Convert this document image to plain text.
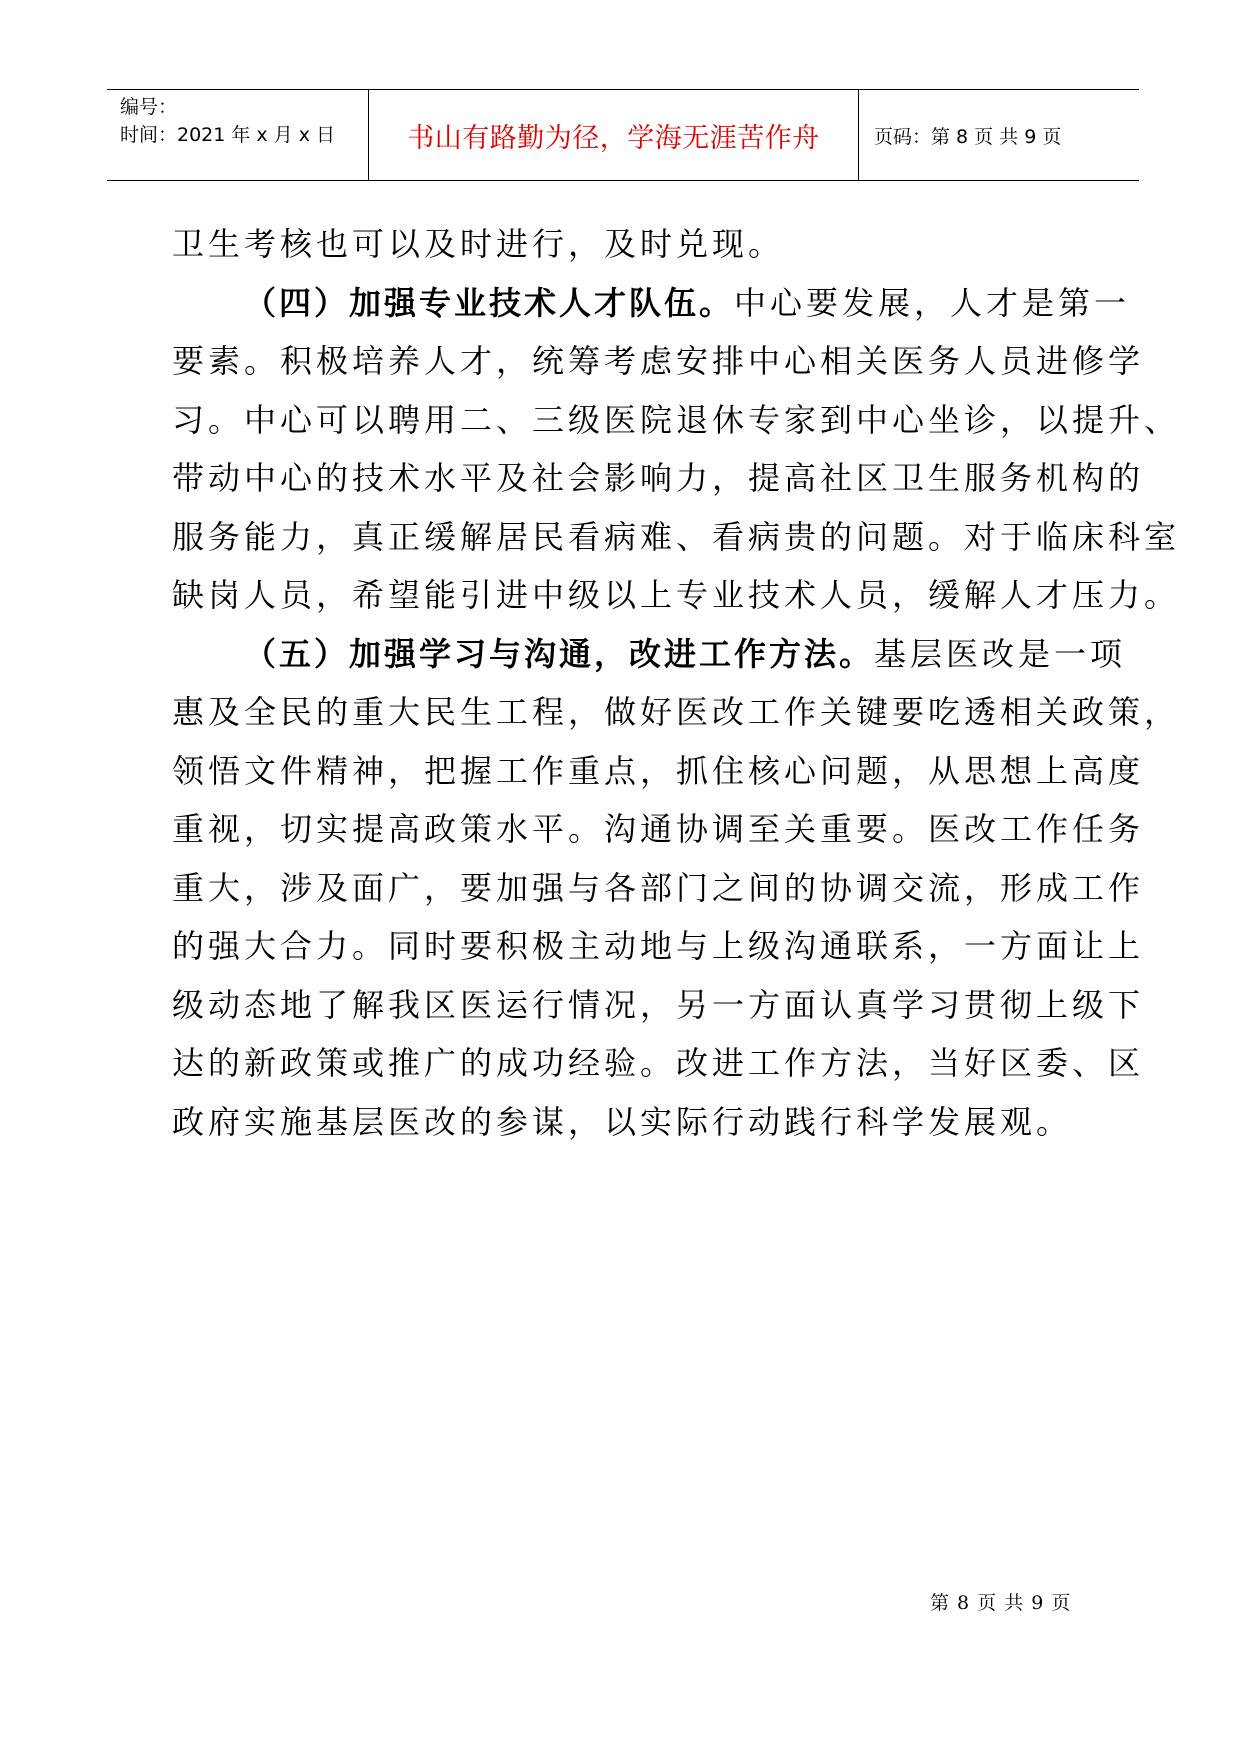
编号：
时间：2021 年 x 月 x 日	书山有路勤为径，学海无涯苦作舟	页码：第 8 页 共 9 页
卫生考核也可以及时进行，及时兑现。
（四）加强专业技术人才队伍。中心要发展，人才是第一
要素。积极培养人才，统筹考虑安排中心相关医务人员进修学
习。中心可以聘用二、三级医院退休专家到中心坐诊，以提升、
带动中心的技术水平及社会影响力，提高社区卫生服务机构的
服务能力，真正缓解居民看病难、看病贵的问题。对于临床科室
缺岗人员，希望能引进中级以上专业技术人员，缓解人才压力。
（五）加强学习与沟通，改进工作方法。基层医改是一项
惠及全民的重大民生工程，做好医改工作关键要吃透相关政策，
领悟文件精神，把握工作重点，抓住核心问题，从思想上高度
重视，切实提高政策水平。沟通协调至关重要。医改工作任务
重大，涉及面广，要加强与各部门之间的协调交流，形成工作
的强大合力。同时要积极主动地与上级沟通联系，一方面让上
级动态地了解我区医运行情况，另一方面认真学习贯彻上级下
达的新政策或推广的成功经验。改进工作方法，当好区委、区
政府实施基层医改的参谋，以实际行动践行科学发展观。
第 8 页 共 9 页
